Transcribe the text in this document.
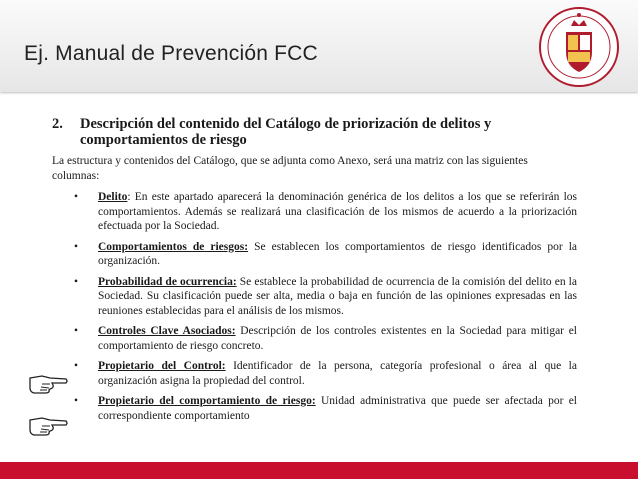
Ej. Manual de Prevención FCC
2.	Descripción del contenido del Catálogo de priorización de delitos y comportamientos de riesgo

La estructura y contenidos del Catálogo, que se adjunta como Anexo, será una matriz con las siguientes columnas:

• Delito: En este apartado aparecerá la denominación genérica de los delitos a los que se referirán los comportamientos. Además se realizará una clasificación de los mismos de acuerdo a la priorización efectuada por la Sociedad.
• Comportamientos de riesgos: Se establecen los comportamientos de riesgo identificados por la organización.
• Probabilidad de ocurrencia: Se establece la probabilidad de ocurrencia de la comisión del delito en la Sociedad. Su clasificación puede ser alta, media o baja en función de las opiniones expresadas en las reuniones establecidas para el análisis de los mismos.
• Controles Clave Asociados: Descripción de los controles existentes en la Sociedad para mitigar el comportamiento de riesgo concreto.
• Propietario del Control: Identificador de la persona, categoría profesional o área al que la organización asigna la propiedad del control.
• Propietario del comportamiento de riesgo: Unidad administrativa que puede ser afectada por el correspondiente comportamiento
